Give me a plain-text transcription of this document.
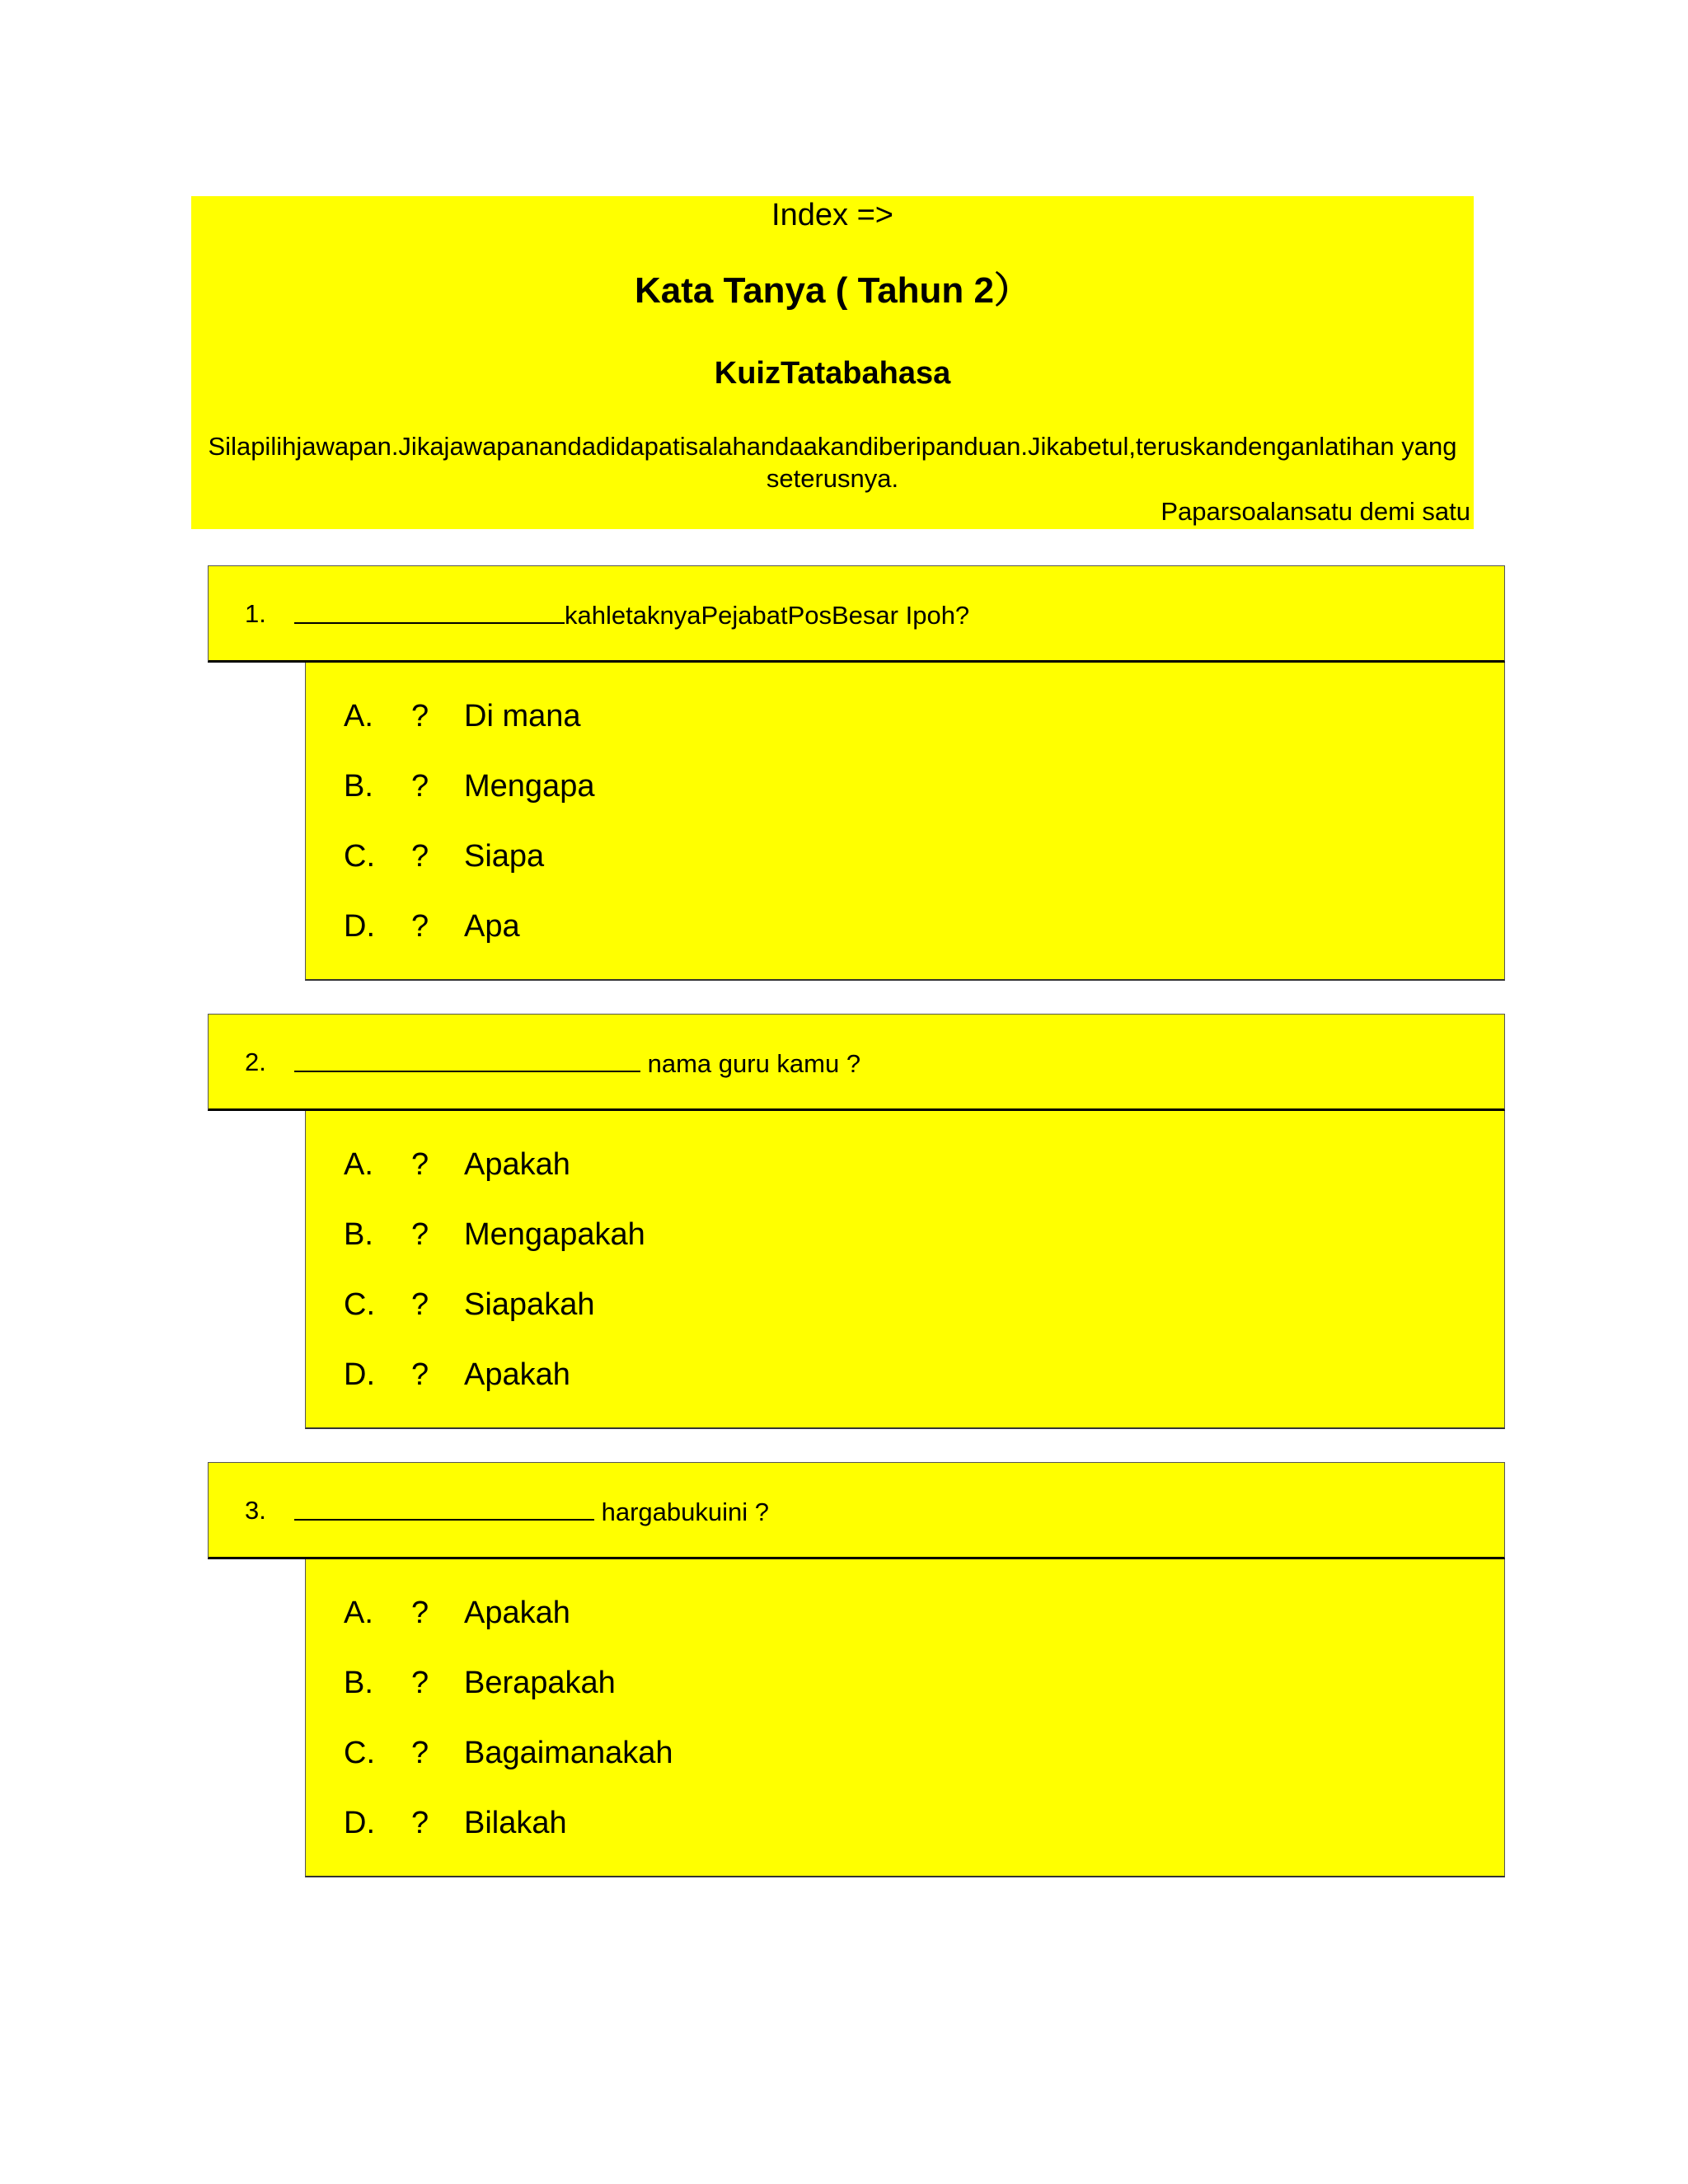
Index =>
Kata Tanya ( Tahun 2）
KuizTatabahasa
Silapilihjawapan.Jikajawapanandadidapatisalahandaakandiberipanduan.Jikabetul,teruskandenganlatihan yang seterusnya.
Paparsoalansatu demi satu
1.	kahletaknyaPejabatPosBesar Ipoh?
A. ? Di mana
B. ? Mengapa
C. ? Siapa
D. ? Apa
2.	nama guru kamu ?
A. ? Apakah
B. ? Mengapakah
C. ? Siapakah
D. ? Apakah
3.	hargabukuini ?
A. ? Apakah
B. ? Berapakah
C. ? Bagaimanakah
D. ? Bilakah
